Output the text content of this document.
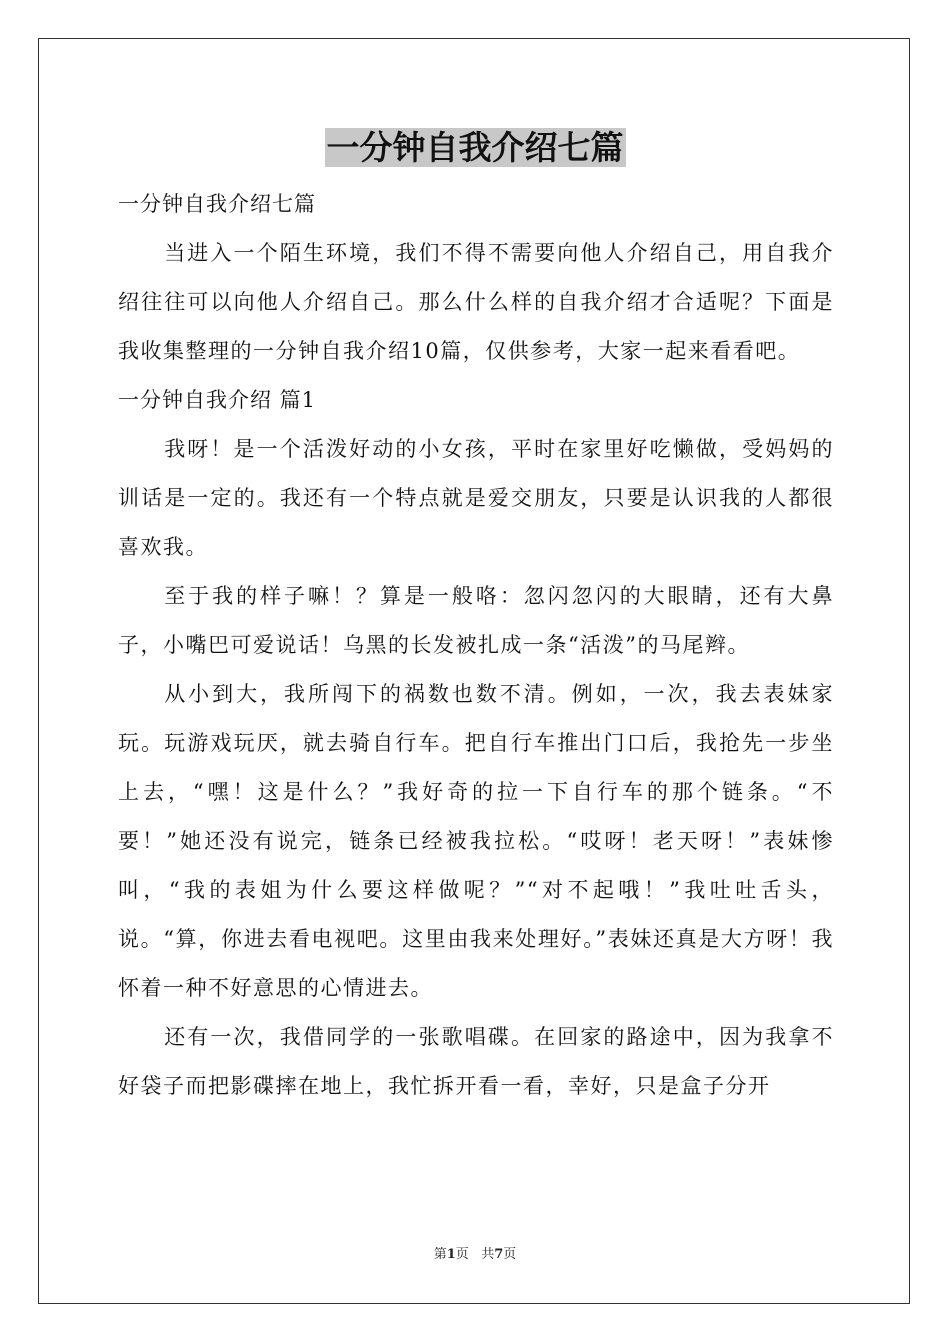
一分钟自我介绍七篇

一分钟自我介绍七篇

当进入一个陌生环境，我们不得不需要向他人介绍自己，用自我介绍往往可以向他人介绍自己。那么什么样的自我介绍才合适呢？下面是我收集整理的一分钟自我介绍10篇，仅供参考，大家一起来看看吧。

一分钟自我介绍 篇1

我呀！是一个活泼好动的小女孩，平时在家里好吃懒做，受妈妈的训话是一定的。我还有一个特点就是爱交朋友，只要是认识我的人都很喜欢我。

至于我的样子嘛！？算是一般咯：忽闪忽闪的大眼睛，还有大鼻子，小嘴巴可爱说话！乌黑的长发被扎成一条“活泼”的马尾辫。

从小到大，我所闯下的祸数也数不清。例如，一次，我去表妹家玩。玩游戏玩厌，就去骑自行车。把自行车推出门口后，我抢先一步坐上去，“嘿！这是什么？”我好奇的拉一下自行车的那个链条。“不要！”她还没有说完，链条已经被我拉松。“哎呀！老天呀！”表妹惨叫，“我的表姐为什么要这样做呢？”“对不起哦！”我吐吐舌头，说。“算，你进去看电视吧。这里由我来处理好。”表妹还真是大方呀！我怀着一种不好意思的心情进去。

还有一次，我借同学的一张歌唱碟。在回家的路途中，因为我拿不好袋子而把影碟摔在地上，我忙拆开看一看，幸好，只是盒子分开

第1页 共7页
